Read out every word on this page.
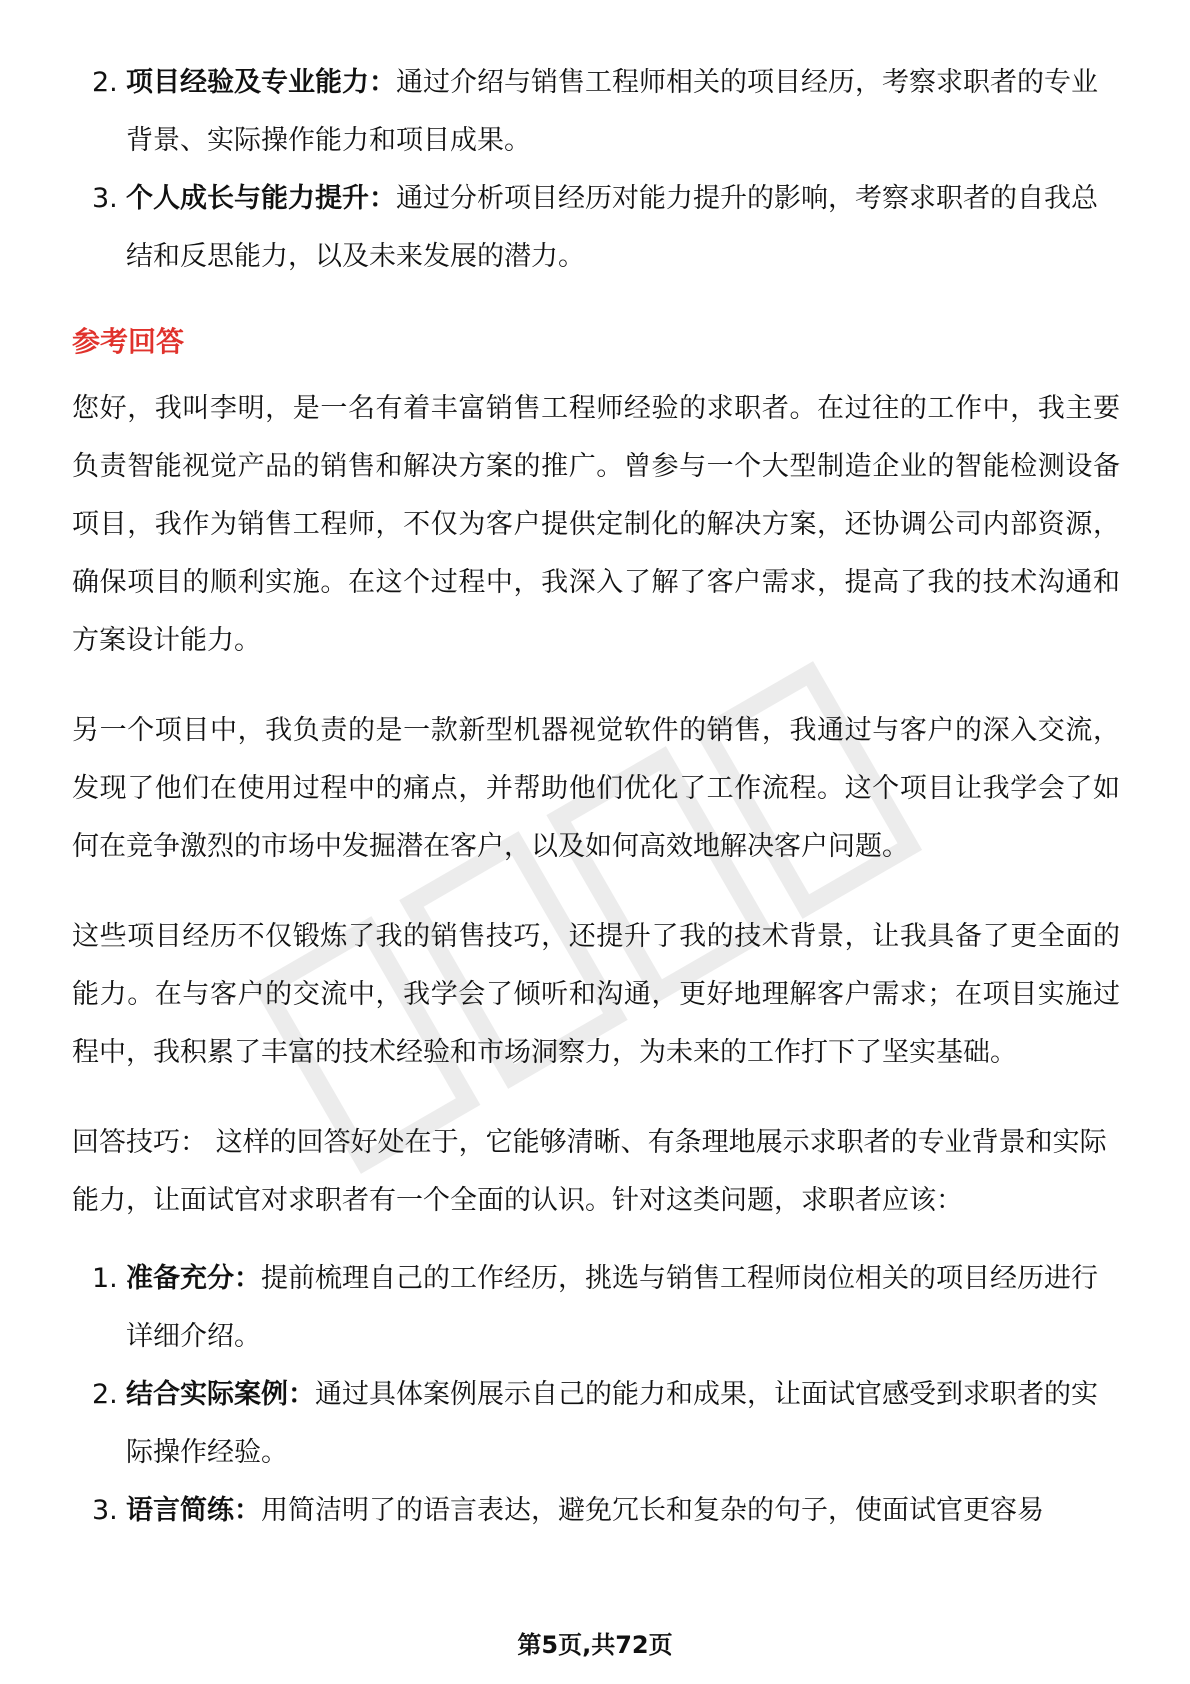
2. 项目经验及专业能力：通过介绍与销售工程师相关的项目经历，考察求职者的专业背景、实际操作能力和项目成果。
3. 个人成长与能力提升：通过分析项目经历对能力提升的影响，考察求职者的自我总结和反思能力，以及未来发展的潜力。
参考回答

您好，我叫李明，是一名有着丰富销售工程师经验的求职者。在过往的工作中，我主要负责智能视觉产品的销售和解决方案的推广。曾参与一个大型制造企业的智能检测设备项目，我作为销售工程师，不仅为客户提供定制化的解决方案，还协调公司内部资源，确保项目的顺利实施。在这个过程中，我深入了解了客户需求，提高了我的技术沟通和方案设计能力。

另一个项目中，我负责的是一款新型机器视觉软件的销售，我通过与客户的深入交流，发现了他们在使用过程中的痛点，并帮助他们优化了工作流程。这个项目让我学会了如何在竞争激烈的市场中发掘潜在客户，以及如何高效地解决客户问题。

这些项目经历不仅锻炼了我的销售技巧，还提升了我的技术背景，让我具备了更全面的能力。在与客户的交流中，我学会了倾听和沟通，更好地理解客户需求；在项目实施过程中，我积累了丰富的技术经验和市场洞察力，为未来的工作打下了坚实基础。

回答技巧： 这样的回答好处在于，它能够清晰、有条理地展示求职者的专业背景和实际能力，让面试官对求职者有一个全面的认识。针对这类问题，求职者应该：

1. 准备充分：提前梳理自己的工作经历，挑选与销售工程师岗位相关的项目经历进行详细介绍。
2. 结合实际案例：通过具体案例展示自己的能力和成果，让面试官感受到求职者的实际操作经验。
3. 语言简练：用简洁明了的语言表达，避免冗长和复杂的句子，使面试官更容易
第5页,共72页
